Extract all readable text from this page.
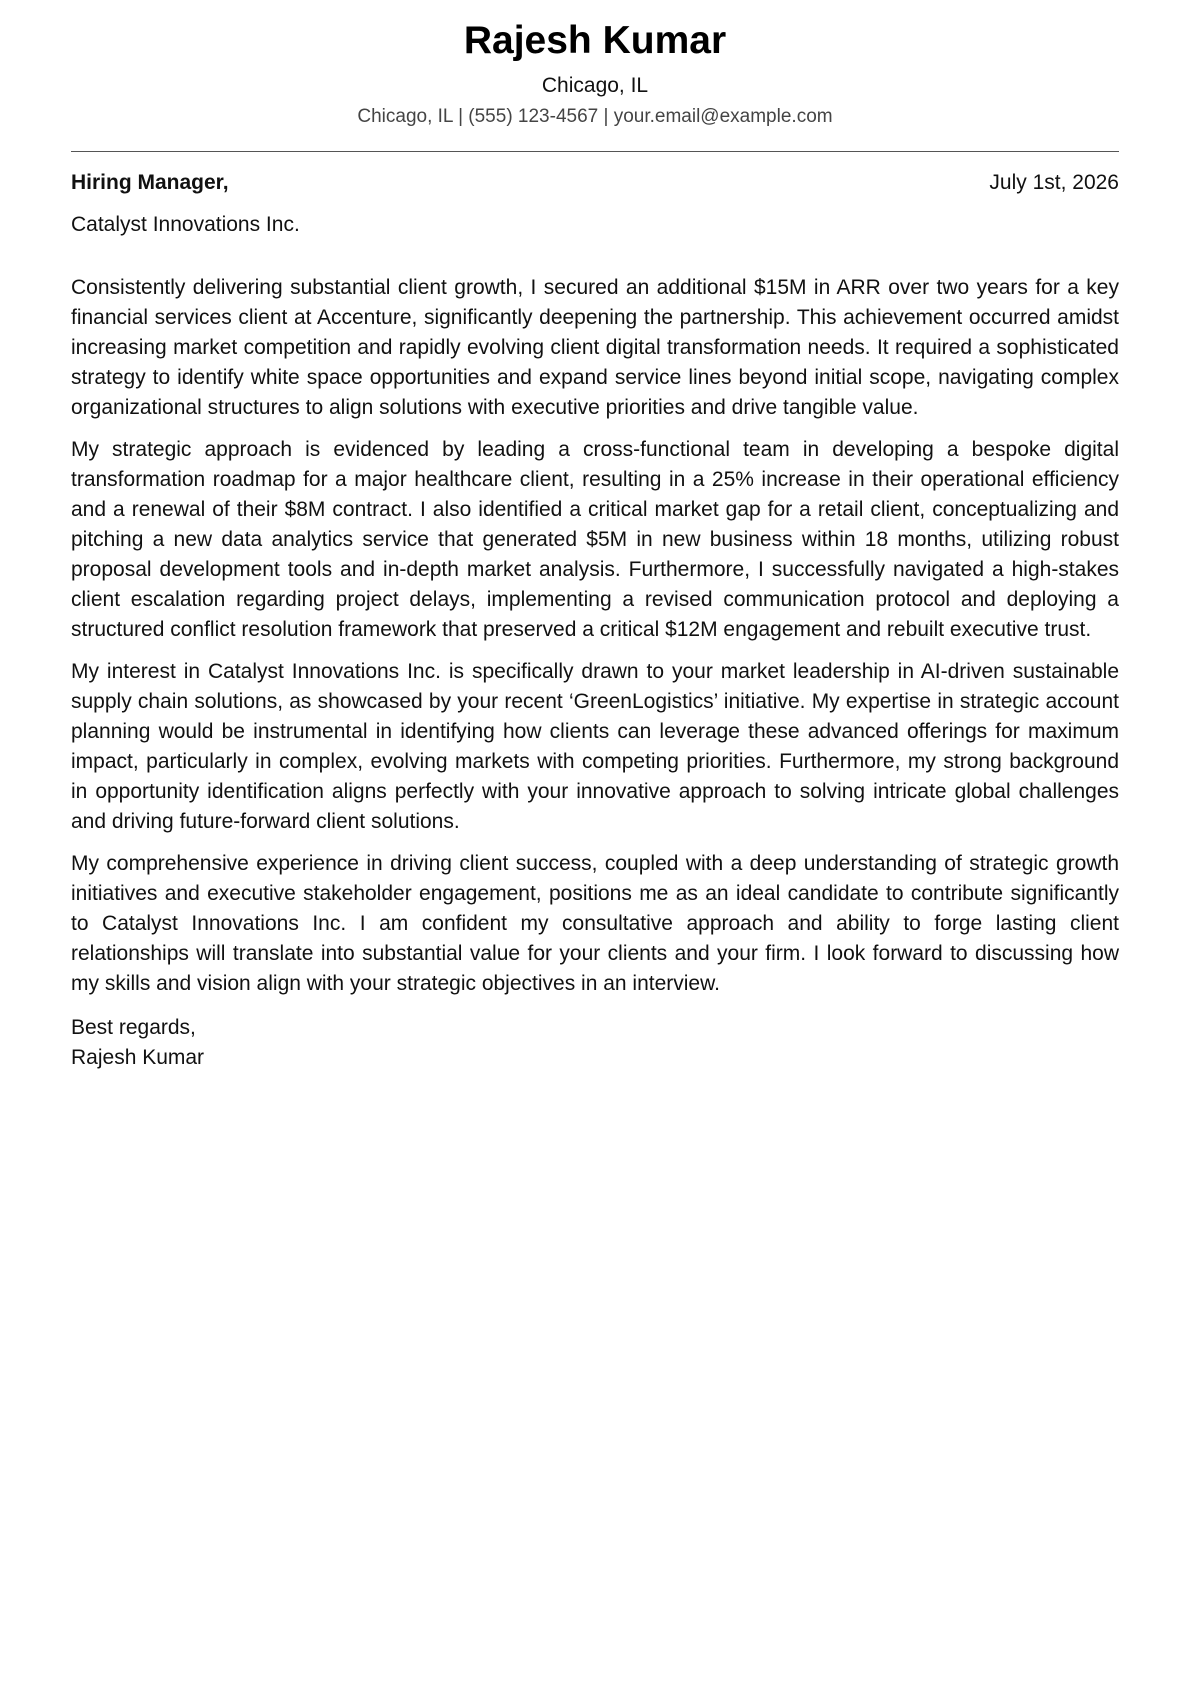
Rajesh Kumar
Chicago, IL
Chicago, IL | (555) 123-4567 | your.email@example.com
Hiring Manager,	July 1st, 2026
Catalyst Innovations Inc.

Consistently delivering substantial client growth, I secured an additional $15M in ARR over two years for a key financial services client at Accenture, significantly deepening the partnership. This achievement occurred amidst increasing market competition and rapidly evolving client digital transformation needs. It required a sophisticated strategy to identify white space opportunities and expand service lines beyond initial scope, navigating complex organizational structures to align solutions with executive priorities and drive tangible value.

My strategic approach is evidenced by leading a cross-functional team in developing a bespoke digital transformation roadmap for a major healthcare client, resulting in a 25% increase in their operational efficiency and a renewal of their $8M contract. I also identified a critical market gap for a retail client, conceptualizing and pitching a new data analytics service that generated $5M in new business within 18 months, utilizing robust proposal development tools and in-depth market analysis. Furthermore, I successfully navigated a high-stakes client escalation regarding project delays, implementing a revised communication protocol and deploying a structured conflict resolution framework that preserved a critical $12M engagement and rebuilt executive trust.

My interest in Catalyst Innovations Inc. is specifically drawn to your market leadership in AI-driven sustainable supply chain solutions, as showcased by your recent ‘GreenLogistics’ initiative. My expertise in strategic account planning would be instrumental in identifying how clients can leverage these advanced offerings for maximum impact, particularly in complex, evolving markets with competing priorities. Furthermore, my strong background in opportunity identification aligns perfectly with your innovative approach to solving intricate global challenges and driving future-forward client solutions.

My comprehensive experience in driving client success, coupled with a deep understanding of strategic growth initiatives and executive stakeholder engagement, positions me as an ideal candidate to contribute significantly to Catalyst Innovations Inc. I am confident my consultative approach and ability to forge lasting client relationships will translate into substantial value for your clients and your firm. I look forward to discussing how my skills and vision align with your strategic objectives in an interview.

Best regards,
Rajesh Kumar
